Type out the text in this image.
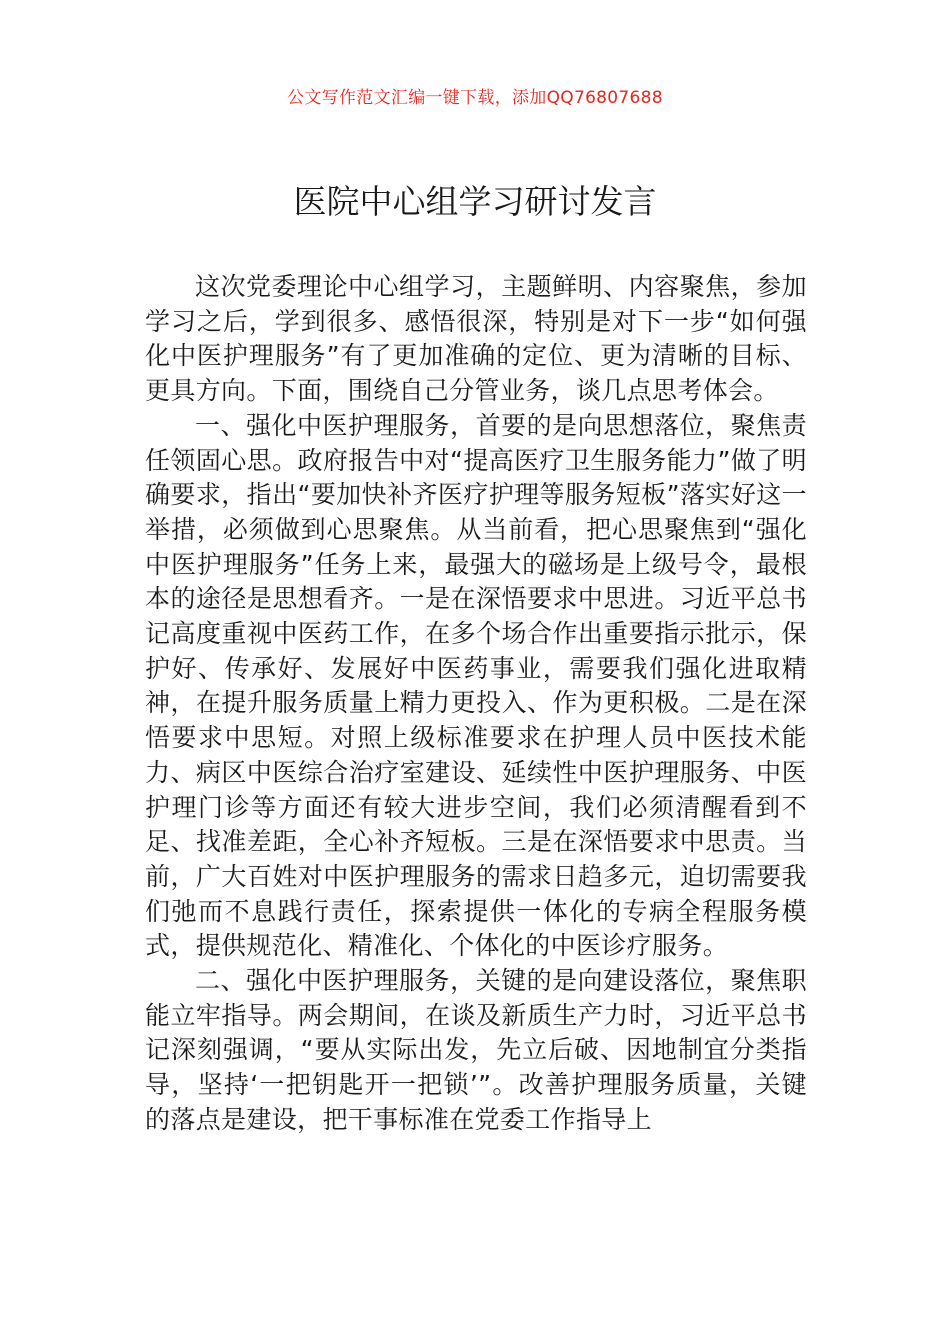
公文写作范文汇编一键下载，添加QQ76807688
医院中心组学习研讨发言

这次党委理论中心组学习，主题鲜明、内容聚焦，参加学习之后，学到很多、感悟很深，特别是对下一步“如何强化中医护理服务”有了更加准确的定位、更为清晰的目标、更具方向。下面，围绕自己分管业务，谈几点思考体会。

一、强化中医护理服务，首要的是向思想落位，聚焦责任领固心思。政府报告中对“提高医疗卫生服务能力”做了明确要求，指出“要加快补齐医疗护理等服务短板”落实好这一举措，必须做到心思聚焦。从当前看，把心思聚焦到“强化中医护理服务”任务上来，最强大的磁场是上级号令，最根本的途径是思想看齐。一是在深悟要求中思进。习近平总书记高度重视中医药工作，在多个场合作出重要指示批示，保护好、传承好、发展好中医药事业，需要我们强化进取精神，在提升服务质量上精力更投入、作为更积极。二是在深悟要求中思短。对照上级标准要求在护理人员中医技术能力、病区中医综合治疗室建设、延续性中医护理服务、中医护理门诊等方面还有较大进步空间，我们必须清醒看到不足、找准差距，全心补齐短板。三是在深悟要求中思责。当前，广大百姓对中医护理服务的需求日趋多元，迫切需要我们弛而不息践行责任，探索提供一体化的专病全程服务模式，提供规范化、精准化、个体化的中医诊疗服务。

二、强化中医护理服务，关键的是向建设落位，聚焦职能立牢指导。两会期间，在谈及新质生产力时，习近平总书记深刻强调，“要从实际出发，先立后破、因地制宜分类指导，坚持‘一把钥匙开一把锁’”。改善护理服务质量，关键的落点是建设，把干事标准在党委工作指导上
